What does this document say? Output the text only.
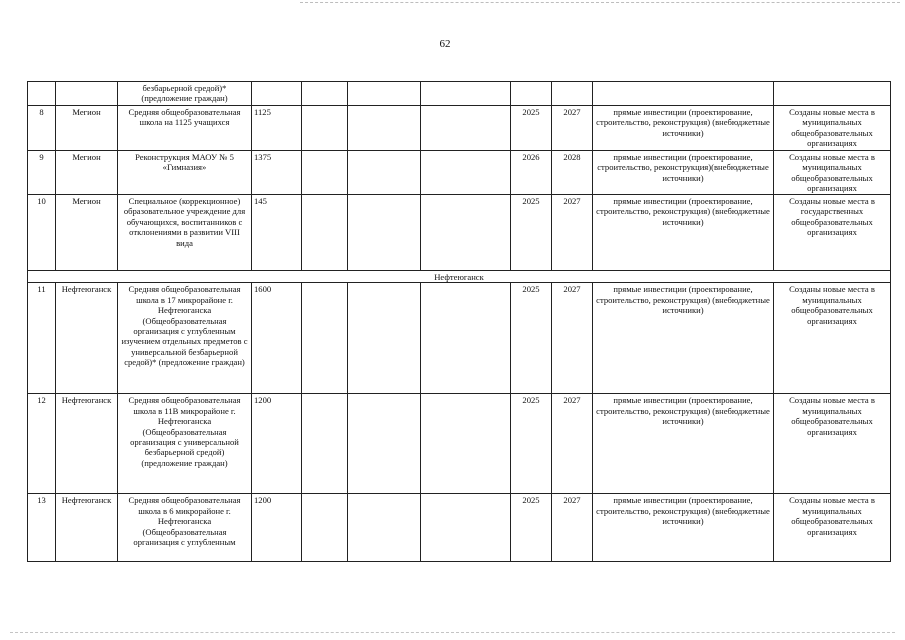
62
		безбарьерной средой)* (предложение граждан)								
8	Мегион	Средняя общеобразовательная школа на 1125 учащихся	1125				2025	2027	прямые инвестиции (проектирование, строительство, реконструкция) (внебюджетные источники)	Созданы новые места в муниципальных общеобразовательных организациях
9	Мегион	Реконструкция МАОУ № 5 «Гимназия»	1375				2026	2028	прямые инвестиции (проектирование, строительство, реконструкция)(внебюджетные источники)	Созданы новые места в муниципальных общеобразовательных организациях
10	Мегион	Специальное (коррекционное) образовательное учреждение для обучающихся, воспитанников с отклонениями в развитии VIII вида	145				2025	2027	прямые инвестиции (проектирование, строительство, реконструкция) (внебюджетные источники)	Созданы новые места в государственных общеобразовательных организациях
Нефтеюганск										
11	Нефтеюганск	Средняя общеобразовательная школа в 17 микрорайоне г. Нефтеюганска (Общеобразовательная организация с углубленным изучением отдельных предметов с универсальной безбарьерной средой)* (предложение граждан)	1600				2025	2027	прямые инвестиции (проектирование, строительство, реконструкция) (внебюджетные источники)	Созданы новые места в муниципальных общеобразовательных организациях
12	Нефтеюганск	Средняя общеобразовательная школа в 11В микрорайоне г. Нефтеюганска (Общеобразовательная организация с универсальной безбарьерной средой) (предложение граждан)	1200				2025	2027	прямые инвестиции (проектирование, строительство, реконструкция) (внебюджетные источники)	Созданы новые места в муниципальных общеобразовательных организациях
13	Нефтеюганск	Средняя общеобразовательная школа в 6 микрорайоне г. Нефтеюганска (Общеобразовательная организация с углубленным	1200				2025	2027	прямые инвестиции (проектирование, строительство, реконструкция) (внебюджетные источники)	Созданы новые места в муниципальных общеобразовательных организациях
